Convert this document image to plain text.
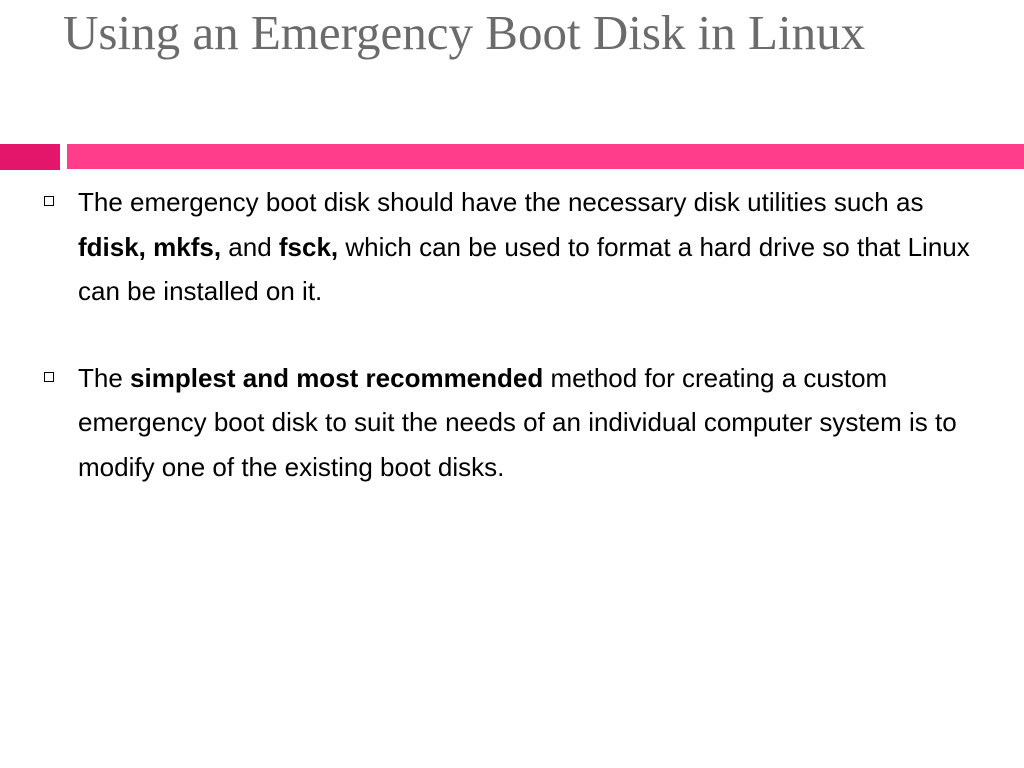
Using an Emergency Boot Disk in Linux
The emergency boot disk should have the necessary disk utilities such as fdisk, mkfs, and fsck, which can be used to format a hard drive so that Linux can be installed on it.
The simplest and most recommended method for creating a custom emergency boot disk to suit the needs of an individual computer system is to modify one of the existing boot disks.
